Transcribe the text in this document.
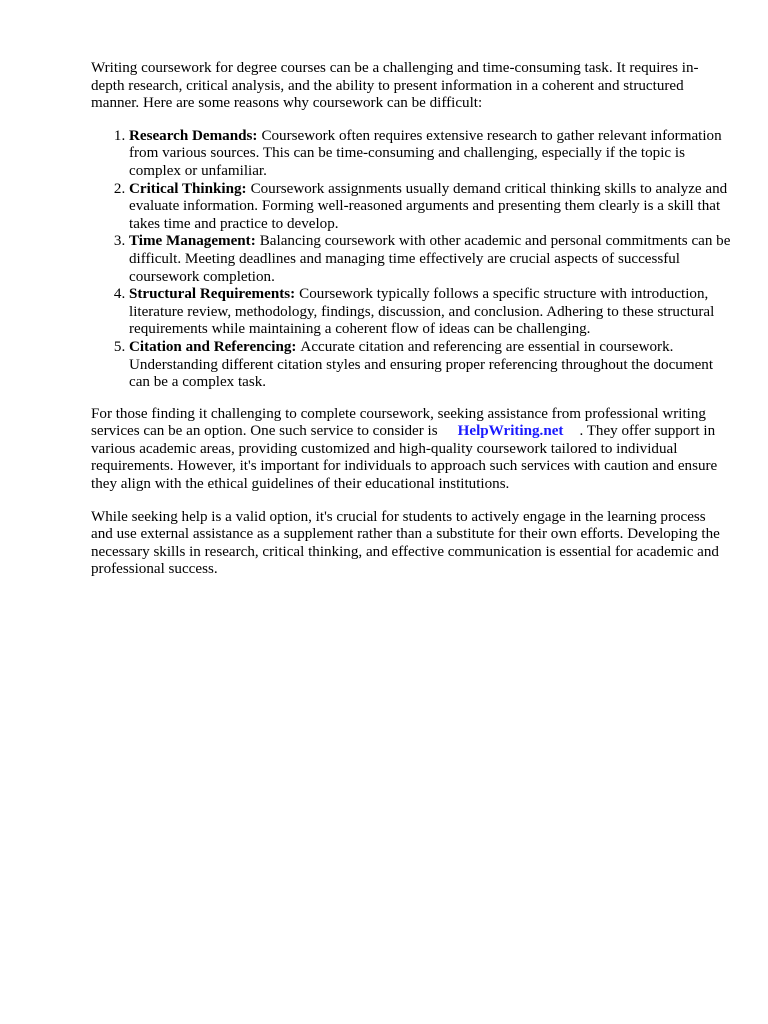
Writing coursework for degree courses can be a challenging and time-consuming task. It requires in-depth research, critical analysis, and the ability to present information in a coherent and structured manner. Here are some reasons why coursework can be difficult:

1. Research Demands: Coursework often requires extensive research to gather relevant information from various sources. This can be time-consuming and challenging, especially if the topic is complex or unfamiliar.
2. Critical Thinking: Coursework assignments usually demand critical thinking skills to analyze and evaluate information. Forming well-reasoned arguments and presenting them clearly is a skill that takes time and practice to develop.
3. Time Management: Balancing coursework with other academic and personal commitments can be difficult. Meeting deadlines and managing time effectively are crucial aspects of successful coursework completion.
4. Structural Requirements: Coursework typically follows a specific structure with introduction, literature review, methodology, findings, discussion, and conclusion. Adhering to these structural requirements while maintaining a coherent flow of ideas can be challenging.
5. Citation and Referencing: Accurate citation and referencing are essential in coursework. Understanding different citation styles and ensuring proper referencing throughout the document can be a complex task.

For those finding it challenging to complete coursework, seeking assistance from professional writing services can be an option. One such service to consider is HelpWriting.net . They offer support in various academic areas, providing customized and high-quality coursework tailored to individual requirements. However, it's important for individuals to approach such services with caution and ensure they align with the ethical guidelines of their educational institutions.

While seeking help is a valid option, it's crucial for students to actively engage in the learning process and use external assistance as a supplement rather than a substitute for their own efforts. Developing the necessary skills in research, critical thinking, and effective communication is essential for academic and professional success.
